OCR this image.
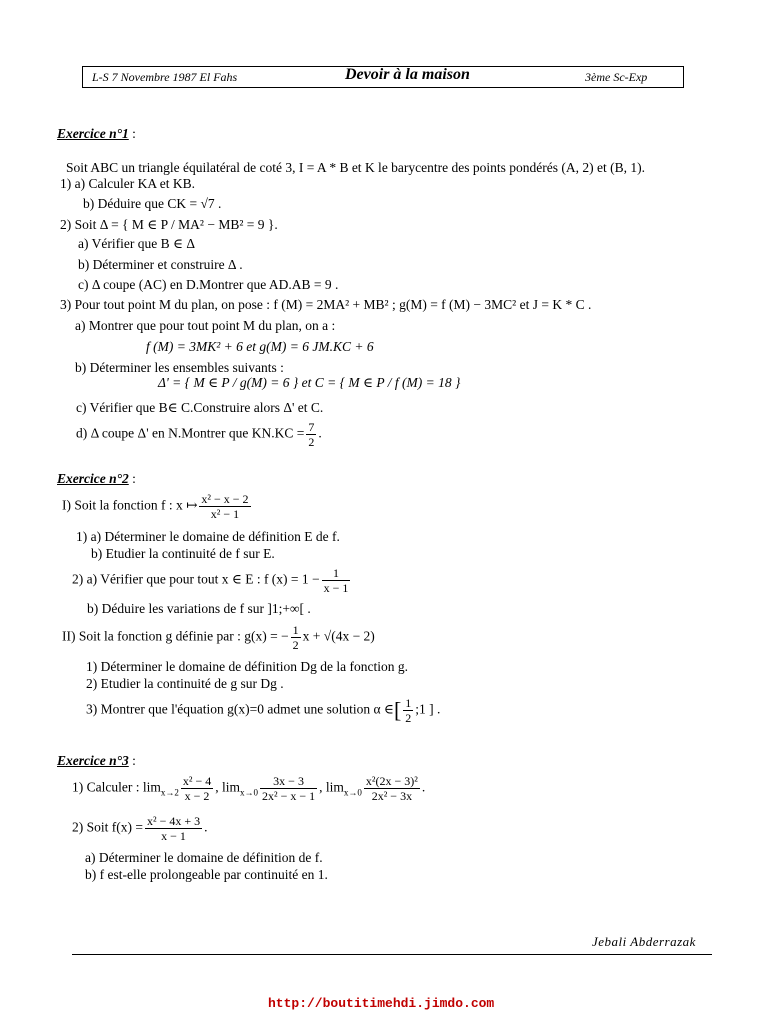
L-S 7 Novembre 1987 El Fahs	Devoir à la maison	3ème Sc-Exp
Exercice n°1 :
Soit ABC un triangle équilatéral de coté 3, I = A * B et K le barycentre des points pondérés (A, 2) et (B, 1).
1) a) Calculer KA et KB.
b) Déduire que CK = √7 .
2) Soit Δ = { M ∈ P / MA² − MB² = 9 }.
a) Vérifier que B ∈ Δ
b) Déterminer et construire Δ .
c) Δ coupe (AC) en D.Montrer que AD.AB = 9 .
3) Pour tout point M du plan, on pose : f (M) = 2MA² + MB² ; g(M) = f (M) − 3MC² et J = K * C .
a) Montrer que pour tout point M du plan, on a :
f (M) = 3MK² + 6 et g(M) = 6 JM.KC + 6
b) Déterminer les ensembles suivants :
Δ' = { M ∈ P / g(M) = 6 } et C = { M ∈ P / f (M) = 18 }
c) Vérifier que B∈ C.Construire alors Δ' et C.
d) Δ coupe Δ' en N.Montrer que $KN.KC = \frac{7}{2}$ .
Exercice n°2 :
I) Soit la fonction f : x ↦ $\frac{\text{x² − x − 2}}{\text{x² − 1}}$
1) a) Déterminer le domaine de définition E de f.
b) Etudier la continuité de f sur E.
2) a) Vérifier que pour tout x ∈ E : f $(x) = 1 - \frac{1}{x - 1}$
b) Déduire les variations de f sur ]1;+∞[ .
II) Soit la fonction g définie par : g(x) = − $\frac{1}{2}$ x + √(4x − 2)
1) Déterminer le domaine de définition Dg de la fonction g.
2) Etudier la continuité de g sur Dg .
3) Montrer que l'équation g(x)=0 admet une solution α ∈[ $\frac{1}{2}$ ;1 ] .
Exercice n°3 :
1) Calculer : $\lim_{x\to 2} \frac{\text{x² − 4}}{x - 2}$ , $\lim_{x\to 0} \frac{3x - 3}{\text{2x² − x − 1}}$ , $\lim_{x\to 0} \frac{\text{x²(2x − 3)²}}{\text{2x² − 3x}}$ .
2) Soit $f(x) = \frac{\text{x² − 4x + 3}}{x - 1}$ .
a) Déterminer le domaine de définition de f.
b) f est-elle prolongeable par continuité en 1.
Jebali Abderrazak
http://boutitimehdi.jimdo.com
